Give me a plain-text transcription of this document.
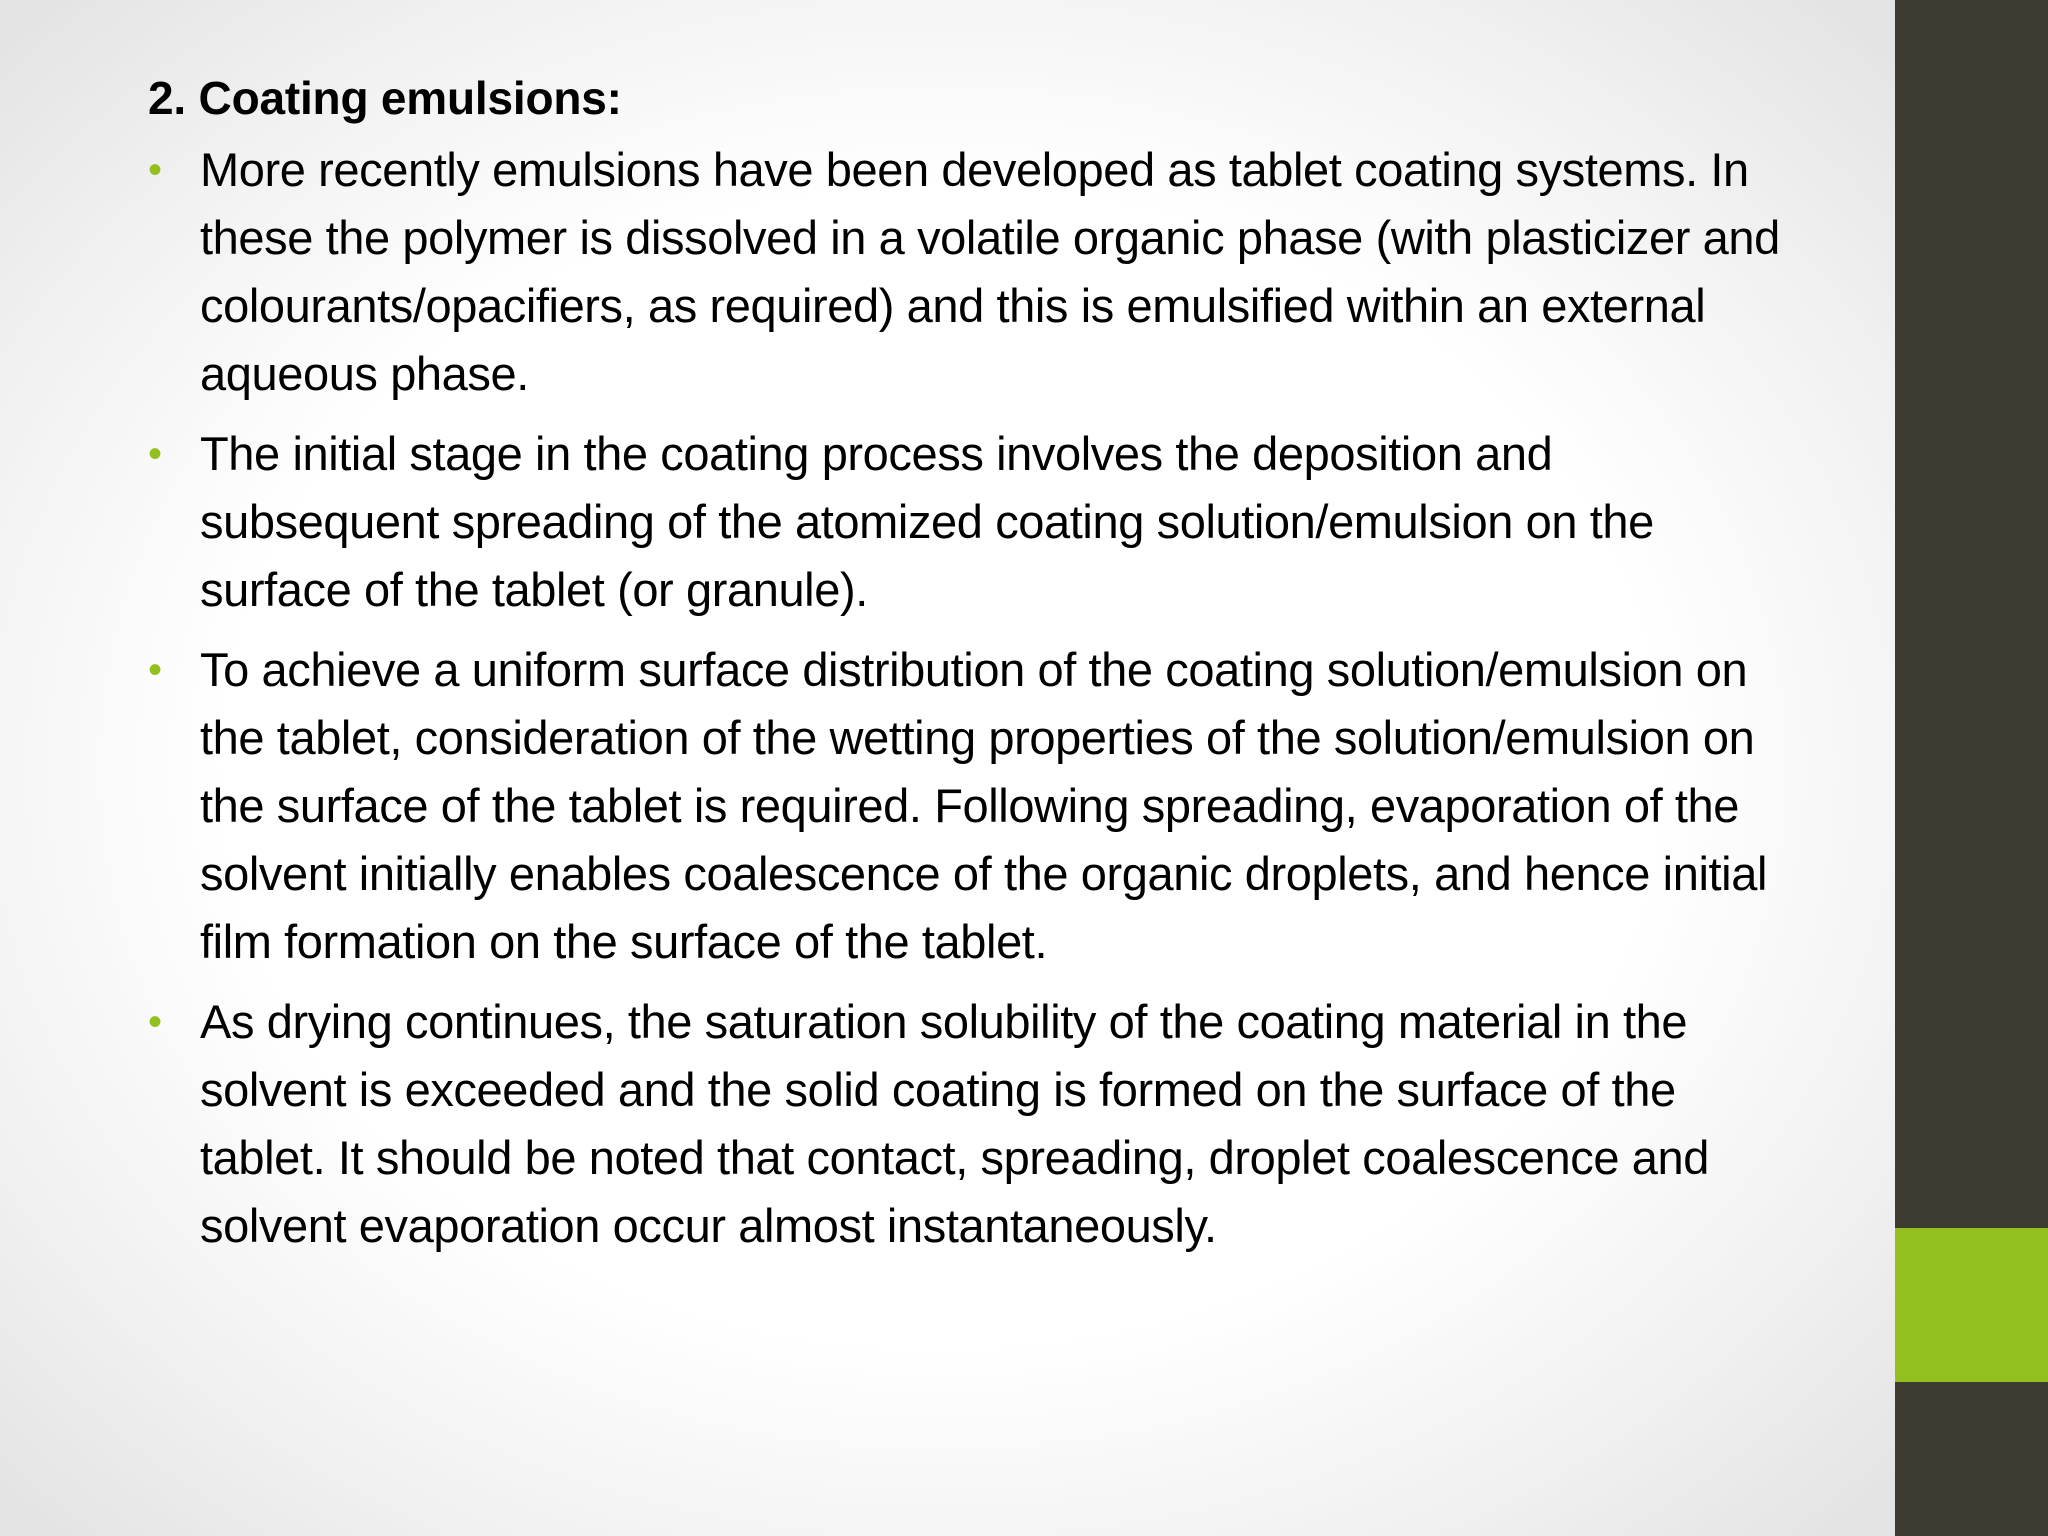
2. Coating emulsions:
• More recently emulsions have been developed as tablet coating systems. In these the polymer is dissolved in a volatile organic phase (with plasticizer and colourants/opacifiers, as required) and this is emulsified within an external aqueous phase.
• The initial stage in the coating process involves the deposition and subsequent spreading of the atomized coating solution/emulsion on the surface of the tablet (or granule).
• To achieve a uniform surface distribution of the coating solution/emulsion on the tablet, consideration of the wetting properties of the solution/emulsion on the surface of the tablet is required. Following spreading, evaporation of the solvent initially enables coalescence of the organic droplets, and hence initial film formation on the surface of the tablet.
• As drying continues, the saturation solubility of the coating material in the solvent is exceeded and the solid coating is formed on the surface of the tablet. It should be noted that contact, spreading, droplet coalescence and solvent evaporation occur almost instantaneously.
